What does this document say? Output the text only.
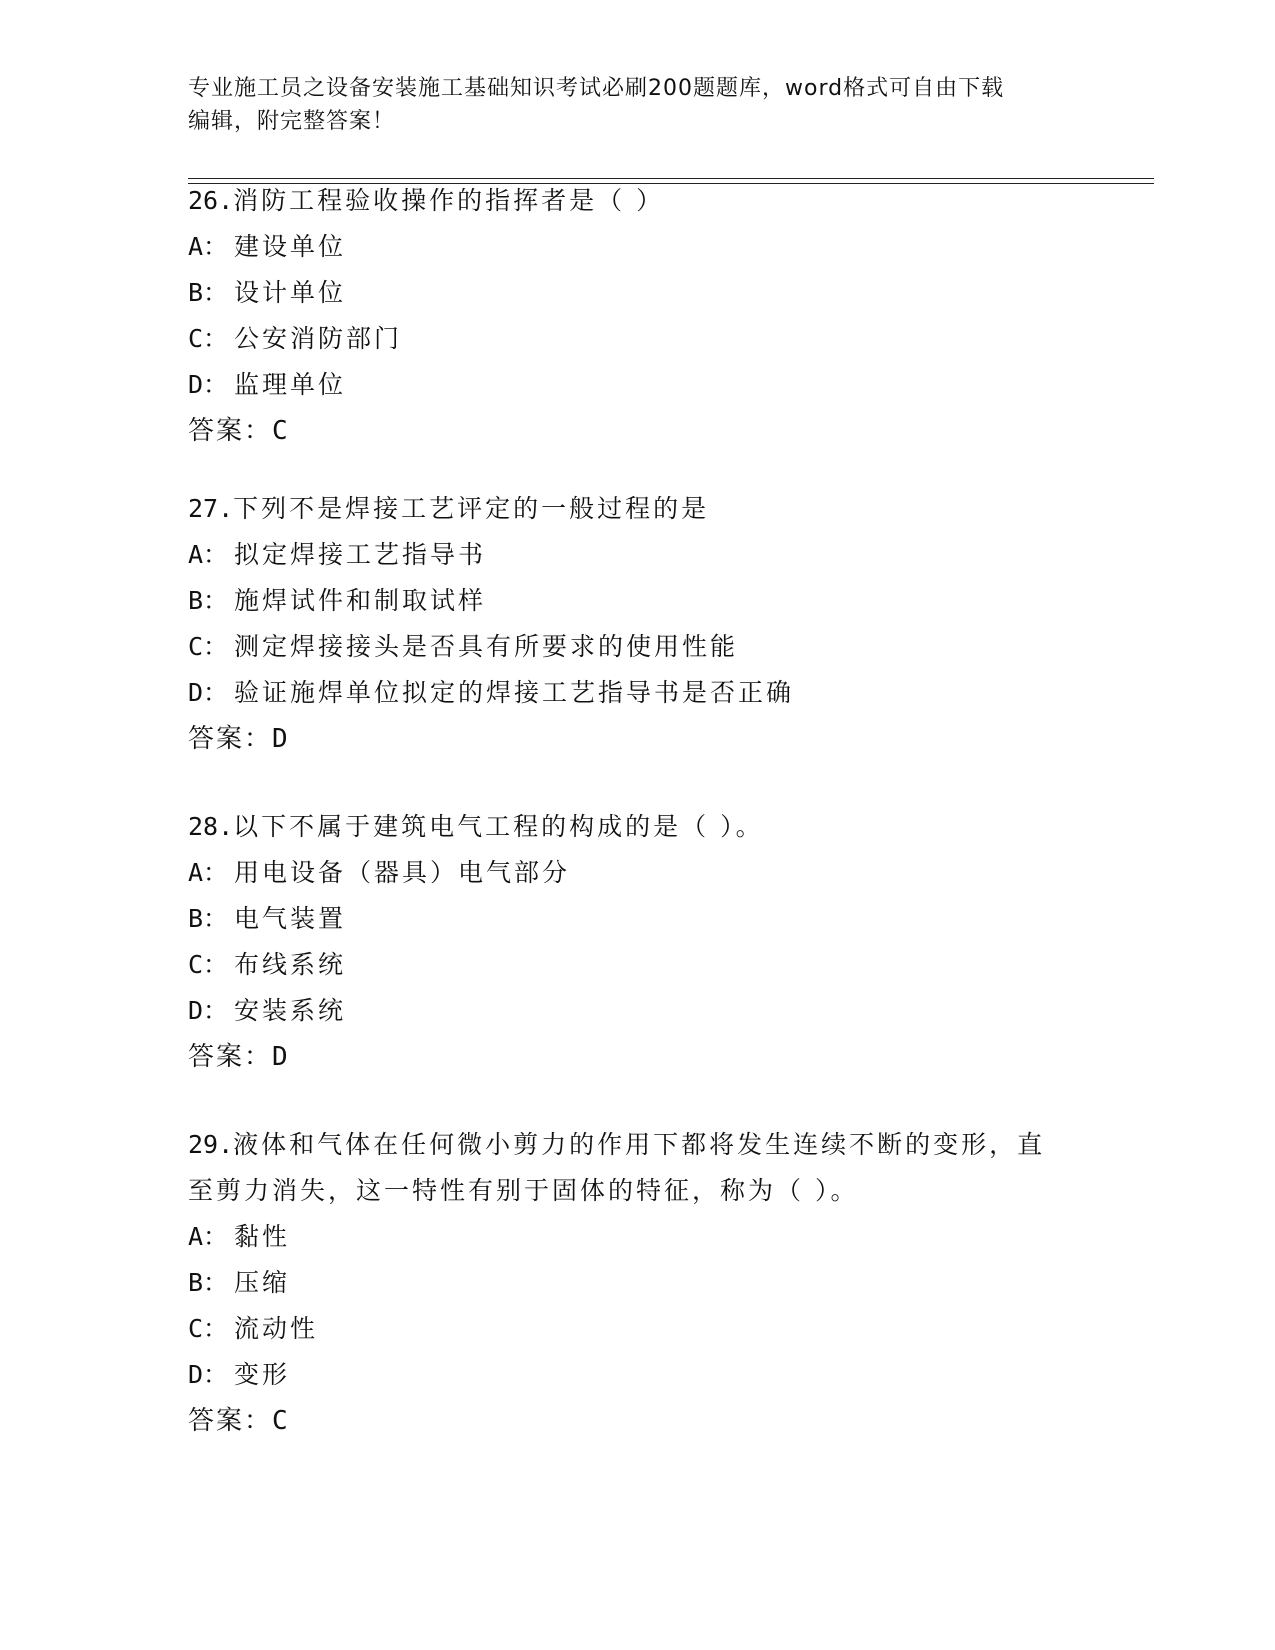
专业施工员之设备安装施工基础知识考试必刷200题题库，word格式可自由下载
编辑，附完整答案！
26.消防工程验收操作的指挥者是（ ）
A： 建设单位
B： 设计单位
C： 公安消防部门
D： 监理单位
答案：C
27.下列不是焊接工艺评定的一般过程的是
A： 拟定焊接工艺指导书
B： 施焊试件和制取试样
C： 测定焊接接头是否具有所要求的使用性能
D： 验证施焊单位拟定的焊接工艺指导书是否正确
答案：D
28.以下不属于建筑电气工程的构成的是（ ）。
A： 用电设备（器具）电气部分
B： 电气装置
C： 布线系统
D： 安装系统
答案：D
29.液体和气体在任何微小剪力的作用下都将发生连续不断的变形，直至剪力消失，这一特性有别于固体的特征，称为（ ）。
A： 黏性
B： 压缩
C： 流动性
D： 变形
答案：C
